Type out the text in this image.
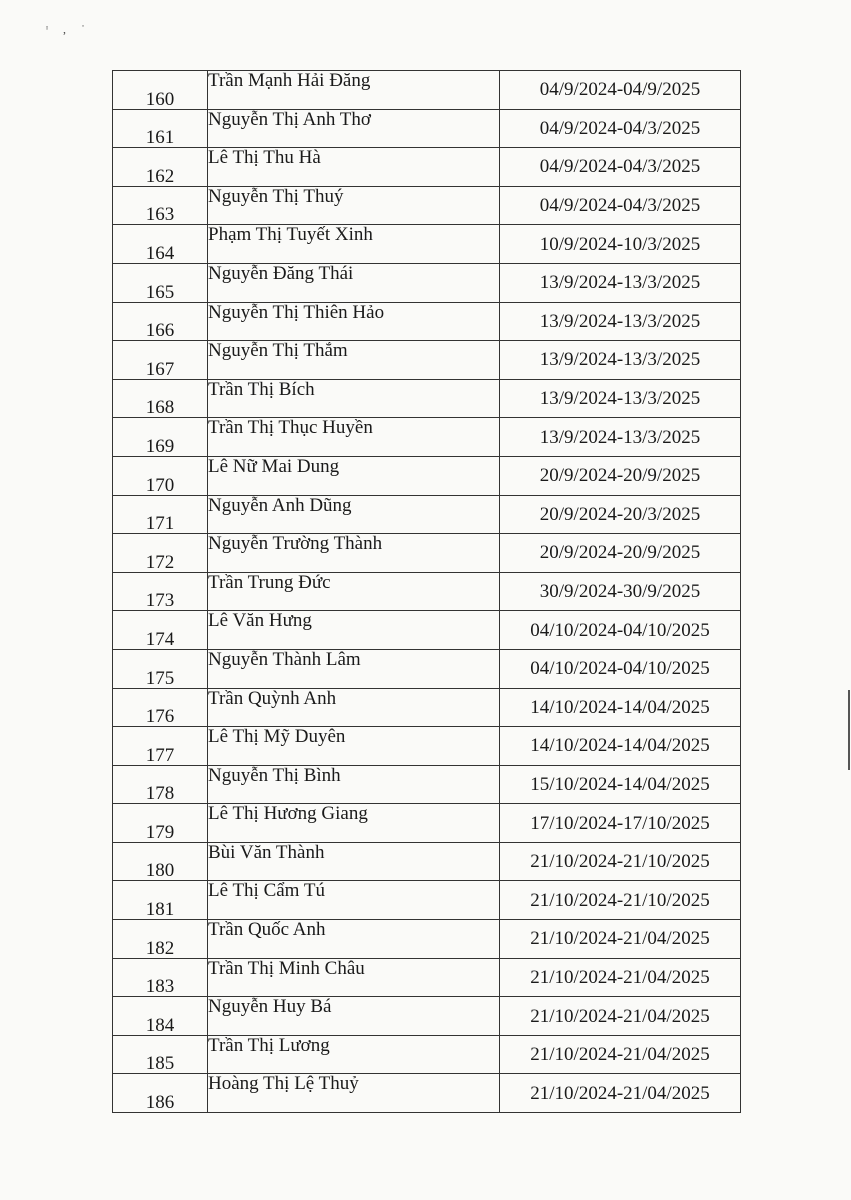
ᶦ , ˙
160	Trần Mạnh Hải Đăng	04/9/2024-04/9/2025
161	Nguyễn Thị Anh Thơ	04/9/2024-04/3/2025
162	Lê Thị Thu Hà	04/9/2024-04/3/2025
163	Nguyễn Thị Thuý	04/9/2024-04/3/2025
164	Phạm Thị Tuyết Xinh	10/9/2024-10/3/2025
165	Nguyễn Đăng Thái	13/9/2024-13/3/2025
166	Nguyễn Thị Thiên Hảo	13/9/2024-13/3/2025
167	Nguyễn Thị Thắm	13/9/2024-13/3/2025
168	Trần Thị Bích	13/9/2024-13/3/2025
169	Trần Thị Thục Huyền	13/9/2024-13/3/2025
170	Lê Nữ Mai Dung	20/9/2024-20/9/2025
171	Nguyễn Anh Dũng	20/9/2024-20/3/2025
172	Nguyễn Trường Thành	20/9/2024-20/9/2025
173	Trần Trung Đức	30/9/2024-30/9/2025
174	Lê Văn Hưng	04/10/2024-04/10/2025
175	Nguyễn Thành Lâm	04/10/2024-04/10/2025
176	Trần Quỳnh Anh	14/10/2024-14/04/2025
177	Lê Thị Mỹ Duyên	14/10/2024-14/04/2025
178	Nguyễn Thị Bình	15/10/2024-14/04/2025
179	Lê Thị Hương Giang	17/10/2024-17/10/2025
180	Bùi Văn Thành	21/10/2024-21/10/2025
181	Lê Thị Cẩm Tú	21/10/2024-21/10/2025
182	Trần Quốc Anh	21/10/2024-21/04/2025
183	Trần Thị Minh Châu	21/10/2024-21/04/2025
184	Nguyễn Huy Bá	21/10/2024-21/04/2025
185	Trần Thị Lương	21/10/2024-21/04/2025
186	Hoàng Thị Lệ Thuỷ	21/10/2024-21/04/2025
